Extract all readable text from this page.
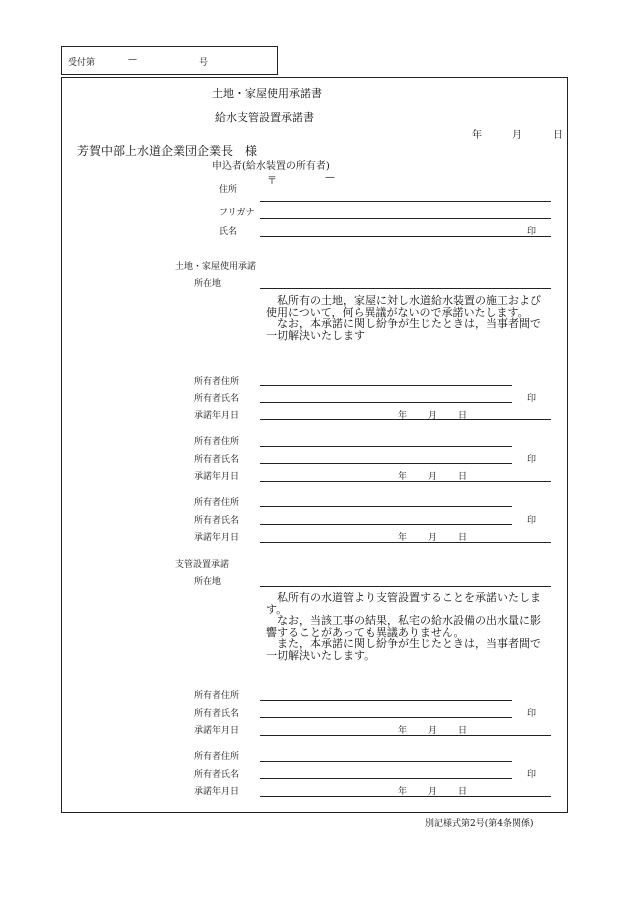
受付第	—	号
土地・家屋使用承諾書
給水支管設置承諾書
年	月	日
芳賀中部上水道企業団企業長　様
申込者(給水装置の所有者)
〒	—
住所
フリガナ
氏名	印
土地・家屋使用承諾
所在地

私所有の土地，家屋に対し水道給水装置の施工および使用について，何ら異議がないので承諾いたします。

なお，本承諾に関し紛争が生じたときは，当事者間で一切解決いたします

所有者住所
所有者氏名	印
承諾年月日	年 月 日
所有者住所
所有者氏名	印
承諾年月日	年 月 日
所有者住所
所有者氏名	印
承諾年月日	年 月 日
支管設置承諾
所在地

私所有の水道管より支管設置することを承諾いたします。

なお，当該工事の結果，私宅の給水設備の出水量に影響することがあっても異議ありません。

また，本承諾に関し紛争が生じたときは，当事者間で一切解決いたします。

所有者住所
所有者氏名	印
承諾年月日	年 月 日
所有者住所
所有者氏名	印
承諾年月日	年 月 日
別記様式第2号(第4条関係)
